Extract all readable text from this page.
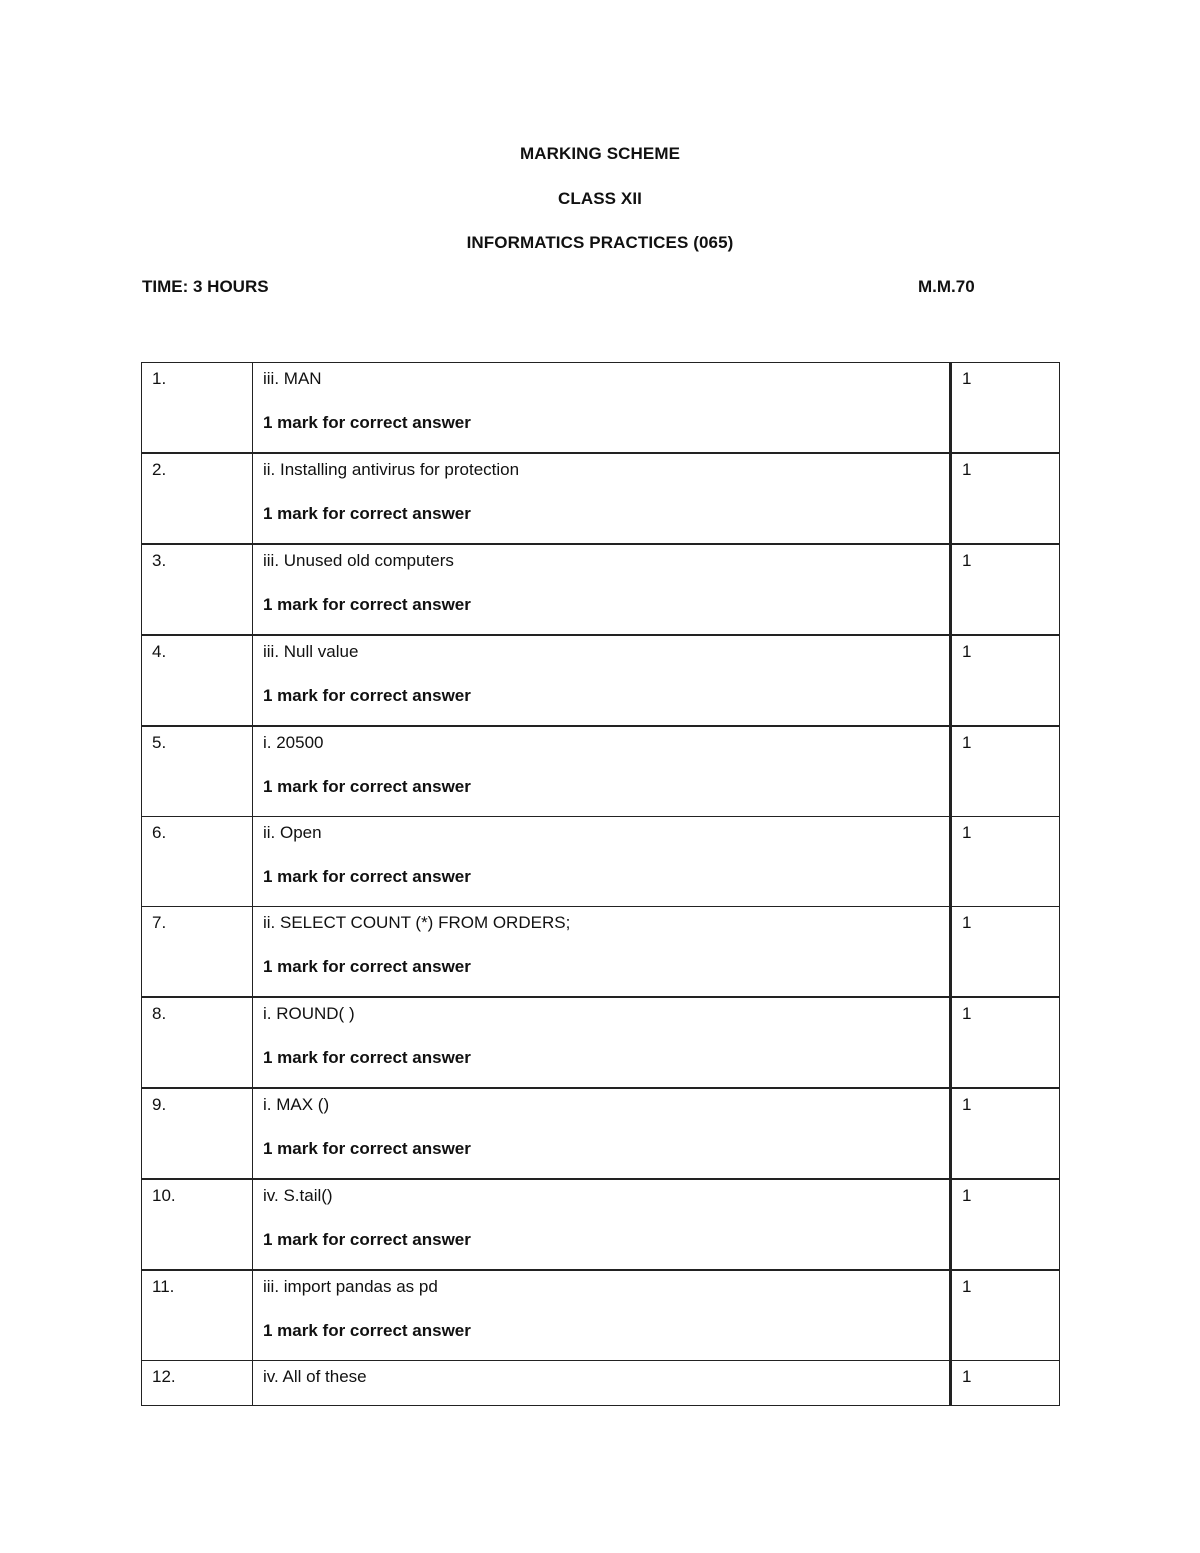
MARKING SCHEME
CLASS XII
INFORMATICS PRACTICES (065)
TIME: 3 HOURS	M.M.70
1.	iii. MAN
1 mark for correct answer	1
2.	ii. Installing antivirus for protection
1 mark for correct answer	1
3.	iii. Unused old computers
1 mark for correct answer	1
4.	iii. Null value
1 mark for correct answer	1
5.	i. 20500
1 mark for correct answer	1
6.	ii. Open
1 mark for correct answer	1
7.	ii. SELECT COUNT (*) FROM ORDERS;
1 mark for correct answer	1
8.	i. ROUND( )
1 mark for correct answer	1
9.	i. MAX ()
1 mark for correct answer	1
10.	iv. S.tail()
1 mark for correct answer	1
11.	iii. import pandas as pd
1 mark for correct answer	1
12.	iv. All of these	1
